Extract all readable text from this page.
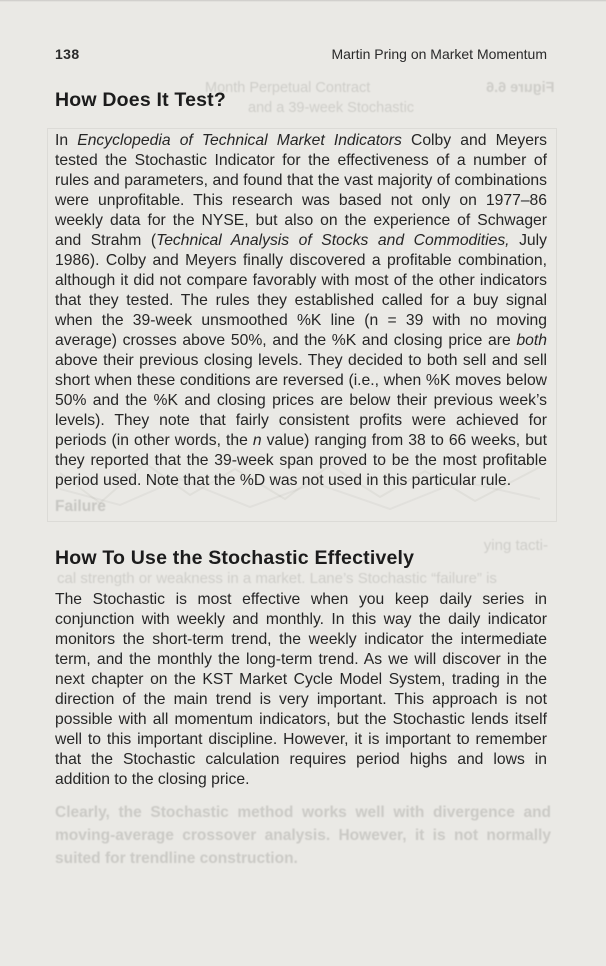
Month Perpetual Contract
and a 39-week Stochastic
Figure 6.6
Failure
ying tacti-
cal strength or weakness in a market. Lane’s Stochastic “failure” is
Clearly, the Stochastic method works well with divergence and moving-average crossover analysis. However, it is not normally suited for trendline construction.
138	Martin Pring on Market Momentum
How Does It Test?
In Encyclopedia of Technical Market Indicators Colby and Meyers tested the Stochastic Indicator for the effectiveness of a number of rules and parameters, and found that the vast majority of combinations were unprofitable. This research was based not only on 1977–86 weekly data for the NYSE, but also on the experience of Schwager and Strahm (Technical Analysis of Stocks and Commodities, July 1986). Colby and Meyers finally discovered a profitable combination, although it did not compare favorably with most of the other indicators that they tested. The rules they established called for a buy signal when the 39-week unsmoothed %K line (n = 39 with no moving average) crosses above 50%, and the %K and closing price are both above their previous closing levels. They decided to both sell and sell short when these conditions are reversed (i.e., when %K moves below 50% and the %K and closing prices are below their previous week’s levels). They note that fairly consistent profits were achieved for periods (in other words, the n value) ranging from 38 to 66 weeks, but they reported that the 39-week span proved to be the most profitable period used. Note that the %D was not used in this particular rule.
How To Use the Stochastic Effectively
The Stochastic is most effective when you keep daily series in conjunction with weekly and monthly. In this way the daily indicator monitors the short-term trend, the weekly indicator the intermediate term, and the monthly the long-term trend. As we will discover in the next chapter on the KST Market Cycle Model System, trading in the direction of the main trend is very important. This approach is not possible with all momentum indicators, but the Stochastic lends itself well to this important discipline. However, it is important to remember that the Stochastic calculation requires period highs and lows in addition to the closing price.
